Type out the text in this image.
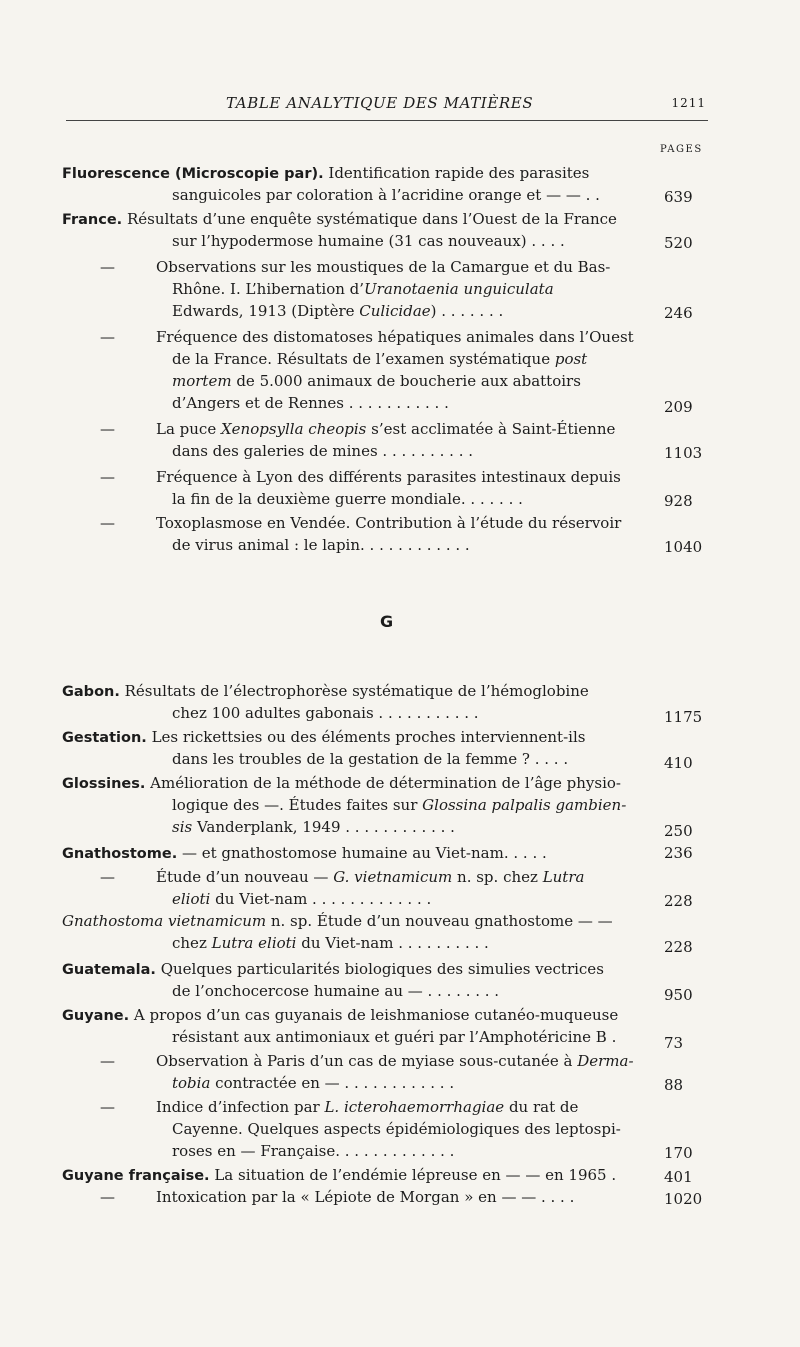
TABLE ANALYTIQUE DES MATIÈRES	1211
PAGES
Fluorescence (Microscopie par). Identification rapide des parasites
sanguicoles par coloration à l’acridine orange et — — . .	639
France. Résultats d’une enquête systématique dans l’Ouest de la France
sur l’hypodermose humaine (31 cas nouveaux) . . . .	520
—	Observations sur les moustiques de la Camargue et du Bas-
Rhône. I. L’hibernation d’Uranotaenia unguiculata
Edwards, 1913 (Diptère Culicidae) . . . . . . .	246
—	Fréquence des distomatoses hépatiques animales dans l’Ouest
de la France. Résultats de l’examen systématique post
mortem de 5.000 animaux de boucherie aux abattoirs
d’Angers et de Rennes . . . . . . . . . . .	209
—	La puce Xenopsylla cheopis s’est acclimatée à Saint-Étienne
dans des galeries de mines . . . . . . . . . .	1103
—	Fréquence à Lyon des différents parasites intestinaux depuis
la fin de la deuxième guerre mondiale. . . . . . .	928
—	Toxoplasmose en Vendée. Contribution à l’étude du réservoir
de virus animal : le lapin. . . . . . . . . . . .	1040
G
Gabon. Résultats de l’électrophorèse systématique de l’hémoglobine
chez 100 adultes gabonais . . . . . . . . . . .	1175
Gestation. Les rickettsies ou des éléments proches interviennent-ils
dans les troubles de la gestation de la femme ? . . . .	410
Glossines. Amélioration de la méthode de détermination de l’âge physio-
logique des —. Études faites sur Glossina palpalis gambien-
sis Vanderplank, 1949 . . . . . . . . . . . .	250
Gnathostome. — et gnathostomose humaine au Viet-nam. . . . .	236
—	Étude d’un nouveau — G. vietnamicum n. sp. chez Lutra
elioti du Viet-nam . . . . . . . . . . . . .	228
Gnathostoma vietnamicum n. sp. Étude d’un nouveau gnathostome — —
chez Lutra elioti du Viet-nam . . . . . . . . . .	228
Guatemala. Quelques particularités biologiques des simulies vectrices
de l’onchocercose humaine au — . . . . . . . .	950
Guyane. A propos d’un cas guyanais de leishmaniose cutanéo-muqueuse
résistant aux antimoniaux et guéri par l’Amphotéricine B .	73
—	Observation à Paris d’un cas de myiase sous-cutanée à Derma-
tobia contractée en — . . . . . . . . . . . .	88
—	Indice d’infection par L. icterohaemorrhagiae du rat de
Cayenne. Quelques aspects épidémiologiques des leptospi-
roses en — Française. . . . . . . . . . . . .	170
Guyane française. La situation de l’endémie lépreuse en — — en 1965 .	401
—	Intoxication par la « Lépiote de Morgan » en — — . . . .	1020
